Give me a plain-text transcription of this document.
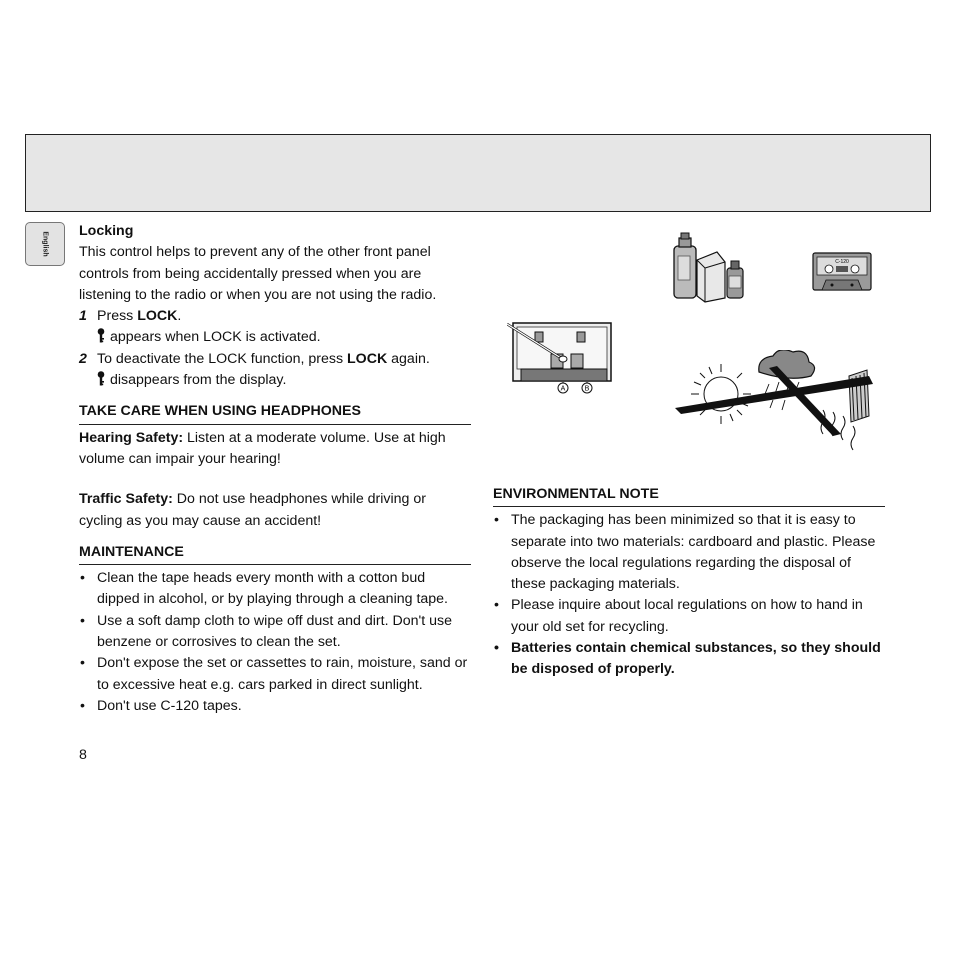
English

Locking

This control helps to prevent any of the other front panel controls from being accidentally pressed when you are listening to the radio or when you are not using the radio.

1 Press LOCK.
appears when LOCK is activated.
2 To deactivate the LOCK function, press LOCK again.
disappears from the display.
TAKE CARE WHEN USING HEADPHONES

Hearing Safety: Listen at a moderate volume. Use at high volume can impair your hearing!

Traffic Safety: Do not use headphones while driving or cycling as you may cause an accident!

MAINTENANCE
• Clean the tape heads every month with a cotton bud dipped in alcohol, or by playing through a cleaning tape.
• Use a soft damp cloth to wipe off dust and dirt. Don't use benzene or corrosives to clean the set.
• Don't expose the set or cassettes to rain, moisture, sand or to excessive heat e.g. cars parked in direct sunlight.
• Don't use C-120 tapes.
8
ENVIRONMENTAL NOTE
• The packaging has been minimized so that it is easy to separate into two materials: cardboard and plastic. Please observe the local regulations regarding the disposal of these packaging materials.
• Please inquire about local regulations on how to hand in your old set for recycling.
• Batteries contain chemical substances, so they should be disposed of properly.
C-120
A	B
